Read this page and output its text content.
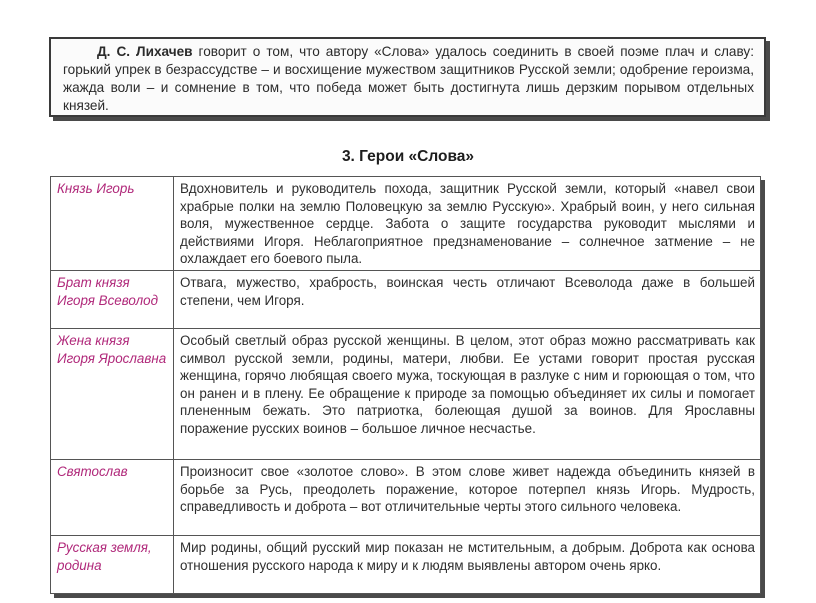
Д. С. Лихачев говорит о том, что автору «Слова» удалось соединить в своей поэме плач и славу: горький упрек в безрассудстве – и восхищение мужеством защитников Русской земли; одобрение героизма, жажда воли – и сомнение в том, что победа может быть достигнута лишь дерзким порывом отдельных князей.

3. Герои «Слова»
Князь Игорь	Вдохновитель и руководитель похода, защитник Русской земли, который «навел свои храбрые полки на землю Половецкую за землю Русскую». Храбрый воин, у него сильная воля, мужественное сердце. Забота о защите государства руководит мыслями и действиями Игоря. Неблагоприятное предзнаменование – солнечное затмение – не охлаждает его боевого пыла.
Брат князя Игоря Всеволод	Отвага, мужество, храбрость, воинская честь отличают Всеволода даже в большей степени, чем Игоря.
Жена князя Игоря Ярославна	Особый светлый образ русской женщины. В целом, этот образ можно рассматривать как символ русской земли, родины, матери, любви. Ее устами говорит простая русская женщина, горячо любящая своего мужа, тоскующая в разлуке с ним и горюющая о том, что он ранен и в плену. Ее обращение к природе за помощью объединяет их силы и помогает плененным бежать. Это патриотка, болеющая душой за воинов. Для Ярославны поражение русских воинов – большое личное несчастье.
Святослав	Произносит свое «золотое слово». В этом слове живет надежда объединить князей в борьбе за Русь, преодолеть поражение, которое потерпел князь Игорь. Мудрость, справедливость и доброта – вот отличительные черты этого сильного человека.
Русская земля, родина	Мир родины, общий русский мир показан не мстительным, а добрым. Доброта как основа отношения русского народа к миру и к людям выявлены автором очень ярко.
